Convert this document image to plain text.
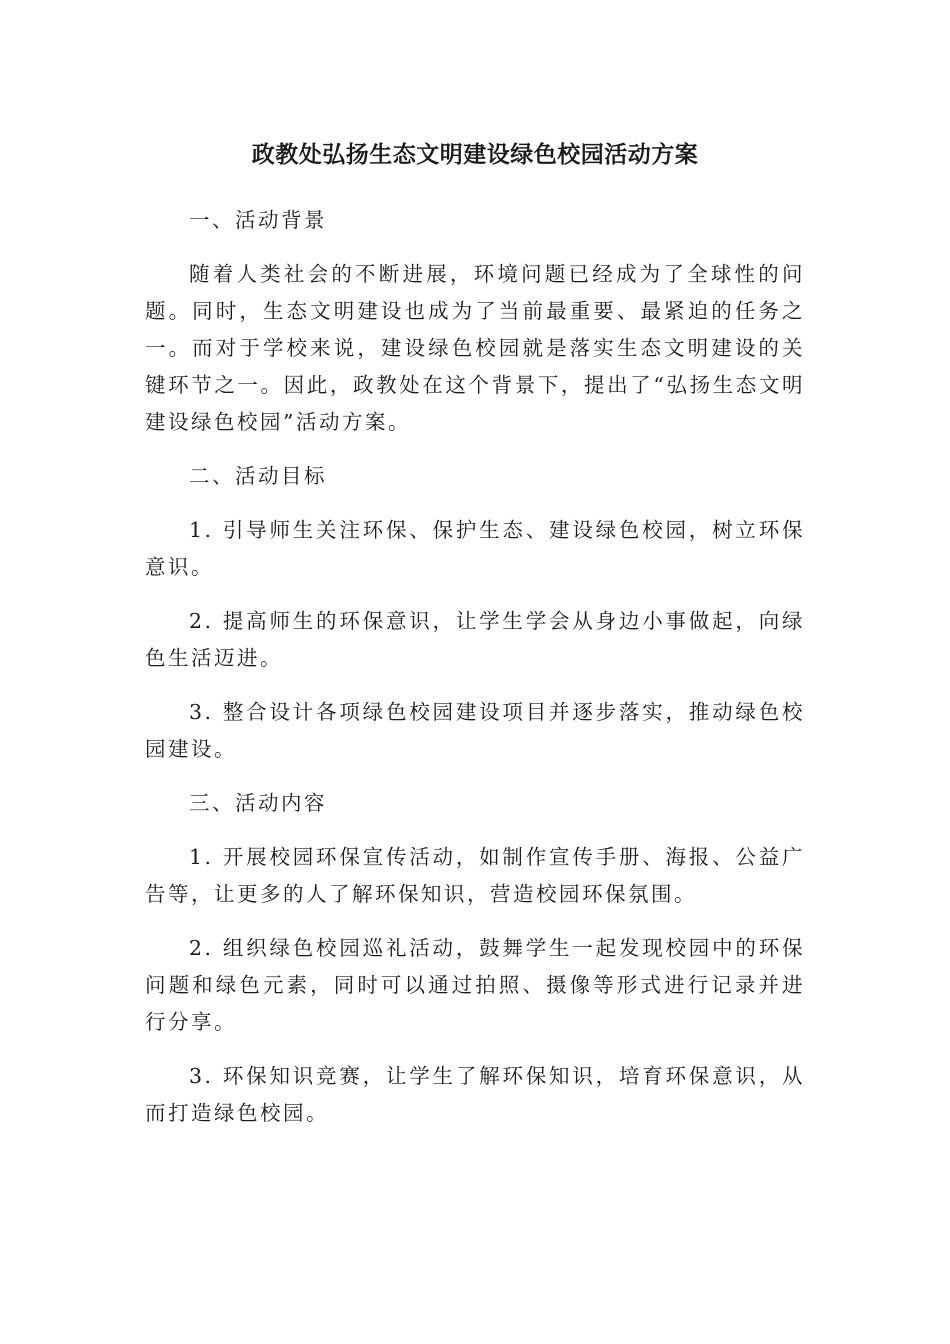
政教处弘扬生态文明建设绿色校园活动方案

一、活动背景

随着人类社会的不断进展，环境问题已经成为了全球性的问题。同时，生态文明建设也成为了当前最重要、最紧迫的任务之一。而对于学校来说，建设绿色校园就是落实生态文明建设的关键环节之一。因此，政教处在这个背景下，提出了“弘扬生态文明建设绿色校园”活动方案。

二、活动目标

1. 引导师生关注环保、保护生态、建设绿色校园，树立环保意识。

2. 提高师生的环保意识，让学生学会从身边小事做起，向绿色生活迈进。

3. 整合设计各项绿色校园建设项目并逐步落实，推动绿色校园建设。

三、活动内容

1. 开展校园环保宣传活动，如制作宣传手册、海报、公益广告等，让更多的人了解环保知识，营造校园环保氛围。

2. 组织绿色校园巡礼活动，鼓舞学生一起发现校园中的环保问题和绿色元素，同时可以通过拍照、摄像等形式进行记录并进行分享。

3. 环保知识竞赛，让学生了解环保知识，培育环保意识，从而打造绿色校园。
